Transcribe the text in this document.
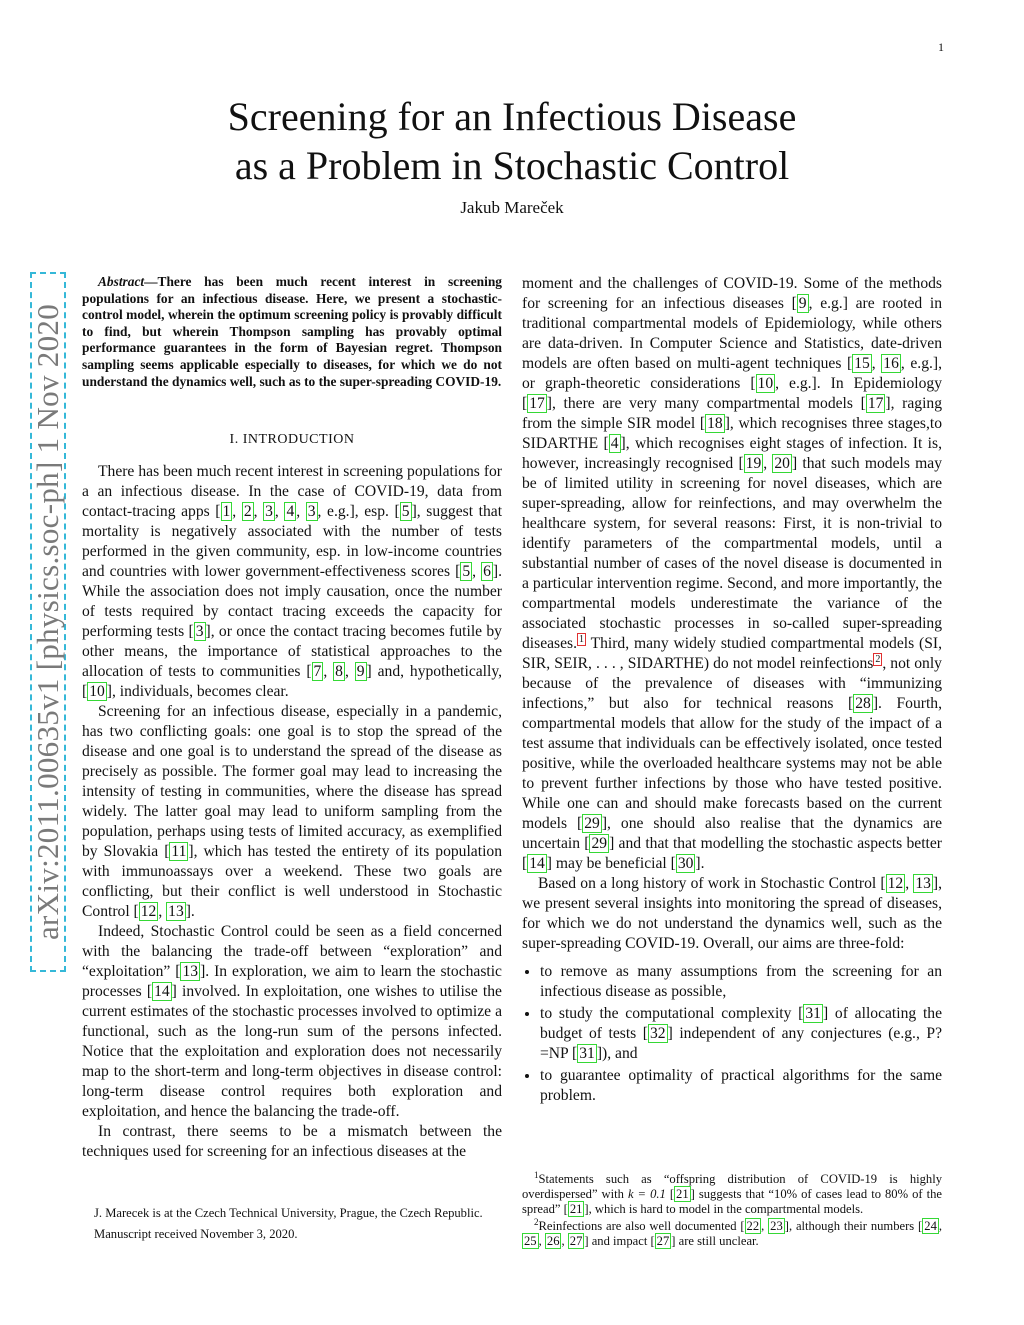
1
arXiv:2011.00635v1 [physics.soc-ph] 1 Nov 2020
Screening for an Infectious Disease
as a Problem in Stochastic Control
Jakub Mareček

Abstract—There has been much recent interest in screening populations for an infectious disease. Here, we present a stochastic-control model, wherein the optimum screening policy is provably difficult to find, but wherein Thompson sampling has provably optimal performance guarantees in the form of Bayesian regret. Thompson sampling seems applicable especially to diseases, for which we do not understand the dynamics well, such as to the super-spreading COVID-19.

I. INTRODUCTION

There has been much recent interest in screening populations for a an infectious disease. In the case of COVID-19, data from contact-tracing apps [ 1 , 2 , 3 , 4 , 3 , e.g.], esp. [ 5 ], suggest that mortality is negatively associated with the number of tests performed in the given community, esp. in low-income countries and countries with lower government-effectiveness scores [ 5 , 6 ]. While the association does not imply causation, once the number of tests required by contact tracing exceeds the capacity for performing tests [ 3 ], or once the contact tracing becomes futile by other means, the importance of statistical approaches to the allocation of tests to communities [ 7 , 8 , 9 ] and, hypothetically, [ 10 ], individuals, becomes clear.

Screening for an infectious disease, especially in a pandemic, has two conflicting goals: one goal is to stop the spread of the disease and one goal is to understand the spread of the disease as precisely as possible. The former goal may lead to increasing the intensity of testing in communities, where the disease has spread widely. The latter goal may lead to uniform sampling from the population, perhaps using tests of limited accuracy, as exemplified by Slovakia [ 11 ], which has tested the entirety of its population with immunoassays over a weekend. These two goals are conflicting, but their conflict is well understood in Stochastic Control [ 12 , 13 ].

Indeed, Stochastic Control could be seen as a field concerned with the balancing the trade-off between “exploration” and “exploitation” [ 13 ]. In exploration, we aim to learn the stochastic processes [ 14 ] involved. In exploitation, one wishes to utilise the current estimates of the stochastic processes involved to optimize a functional, such as the long-run sum of the persons infected. Notice that the exploitation and exploration does not necessarily map to the short-term and long-term objectives in disease control: long-term disease control requires both exploration and exploitation, and hence the balancing the trade-off.

In contrast, there seems to be a mismatch between the techniques used for screening for an infectious diseases at the

moment and the challenges of COVID-19. Some of the methods for screening for an infectious diseases [ 9 , e.g.] are rooted in traditional compartmental models of Epidemiology, while others are data-driven. In Computer Science and Statistics, date-driven models are often based on multi-agent techniques [ 15 , 16 , e.g.], or graph-theoretic considerations [ 10 , e.g.]. In Epidemiology [ 17 ], there are very many compartmental models [ 17 ], raging from the simple SIR model [ 18 ], which recognises three stages,to SIDARTHE [ 4 ], which recognises eight stages of infection. It is, however, increasingly recognised [ 19 , 20 ] that such models may be of limited utility in screening for novel diseases, which are super-spreading, allow for reinfections, and may overwhelm the healthcare system, for several reasons: First, it is non-trivial to identify parameters of the compartmental models, until a substantial number of cases of the novel disease is documented in a particular intervention regime. Second, and more importantly, the compartmental models underestimate the variance of the associated stochastic processes in so-called super-spreading diseases. $^1$ Third, many widely studied compartmental models (SI, SIR, SEIR, . . . , SIDARTHE) do not model reinfections $^2$ , not only because of the prevalence of diseases with “immunizing infections,” but also for technical reasons [ 28 ]. Fourth, compartmental models that allow for the study of the impact of a test assume that individuals can be effectively isolated, once tested positive, while the overloaded healthcare systems may not be able to prevent further infections by those who have tested positive. While one can and should make forecasts based on the current models [ 29 ], one should also realise that the dynamics are uncertain [ 29 ] and that that modelling the stochastic aspects better [ 14 ] may be beneficial [ 30 ].

Based on a long history of work in Stochastic Control [ 12 , 13 ], we present several insights into monitoring the spread of diseases, for which we do not understand the dynamics well, such as the super-spreading COVID-19. Overall, our aims are three-fold:

• to remove as many assumptions from the screening for an infectious disease as possible,
• to study the computational complexity [ 31 ] of allocating the budget of tests [ 32 ] independent of any conjectures (e.g., P?=NP [ 31 ]), and
• to guarantee optimality of practical algorithms for the same problem.

J. Marecek is at the Czech Technical University, Prague, the Czech Republic.

Manuscript received November 3, 2020.

$^1$Statements such as “offspring distribution of COVID-19 is highly overdispersed” with k = 0.1 [ 21 ] suggests that “10% of cases lead to 80% of the spread” [ 21 ], which is hard to model in the compartmental models.

$^2$Reinfections are also well documented [ 22 , 23 ], although their numbers [ 24 , 25 , 26 , 27 ] and impact [ 27 ] are still unclear.
